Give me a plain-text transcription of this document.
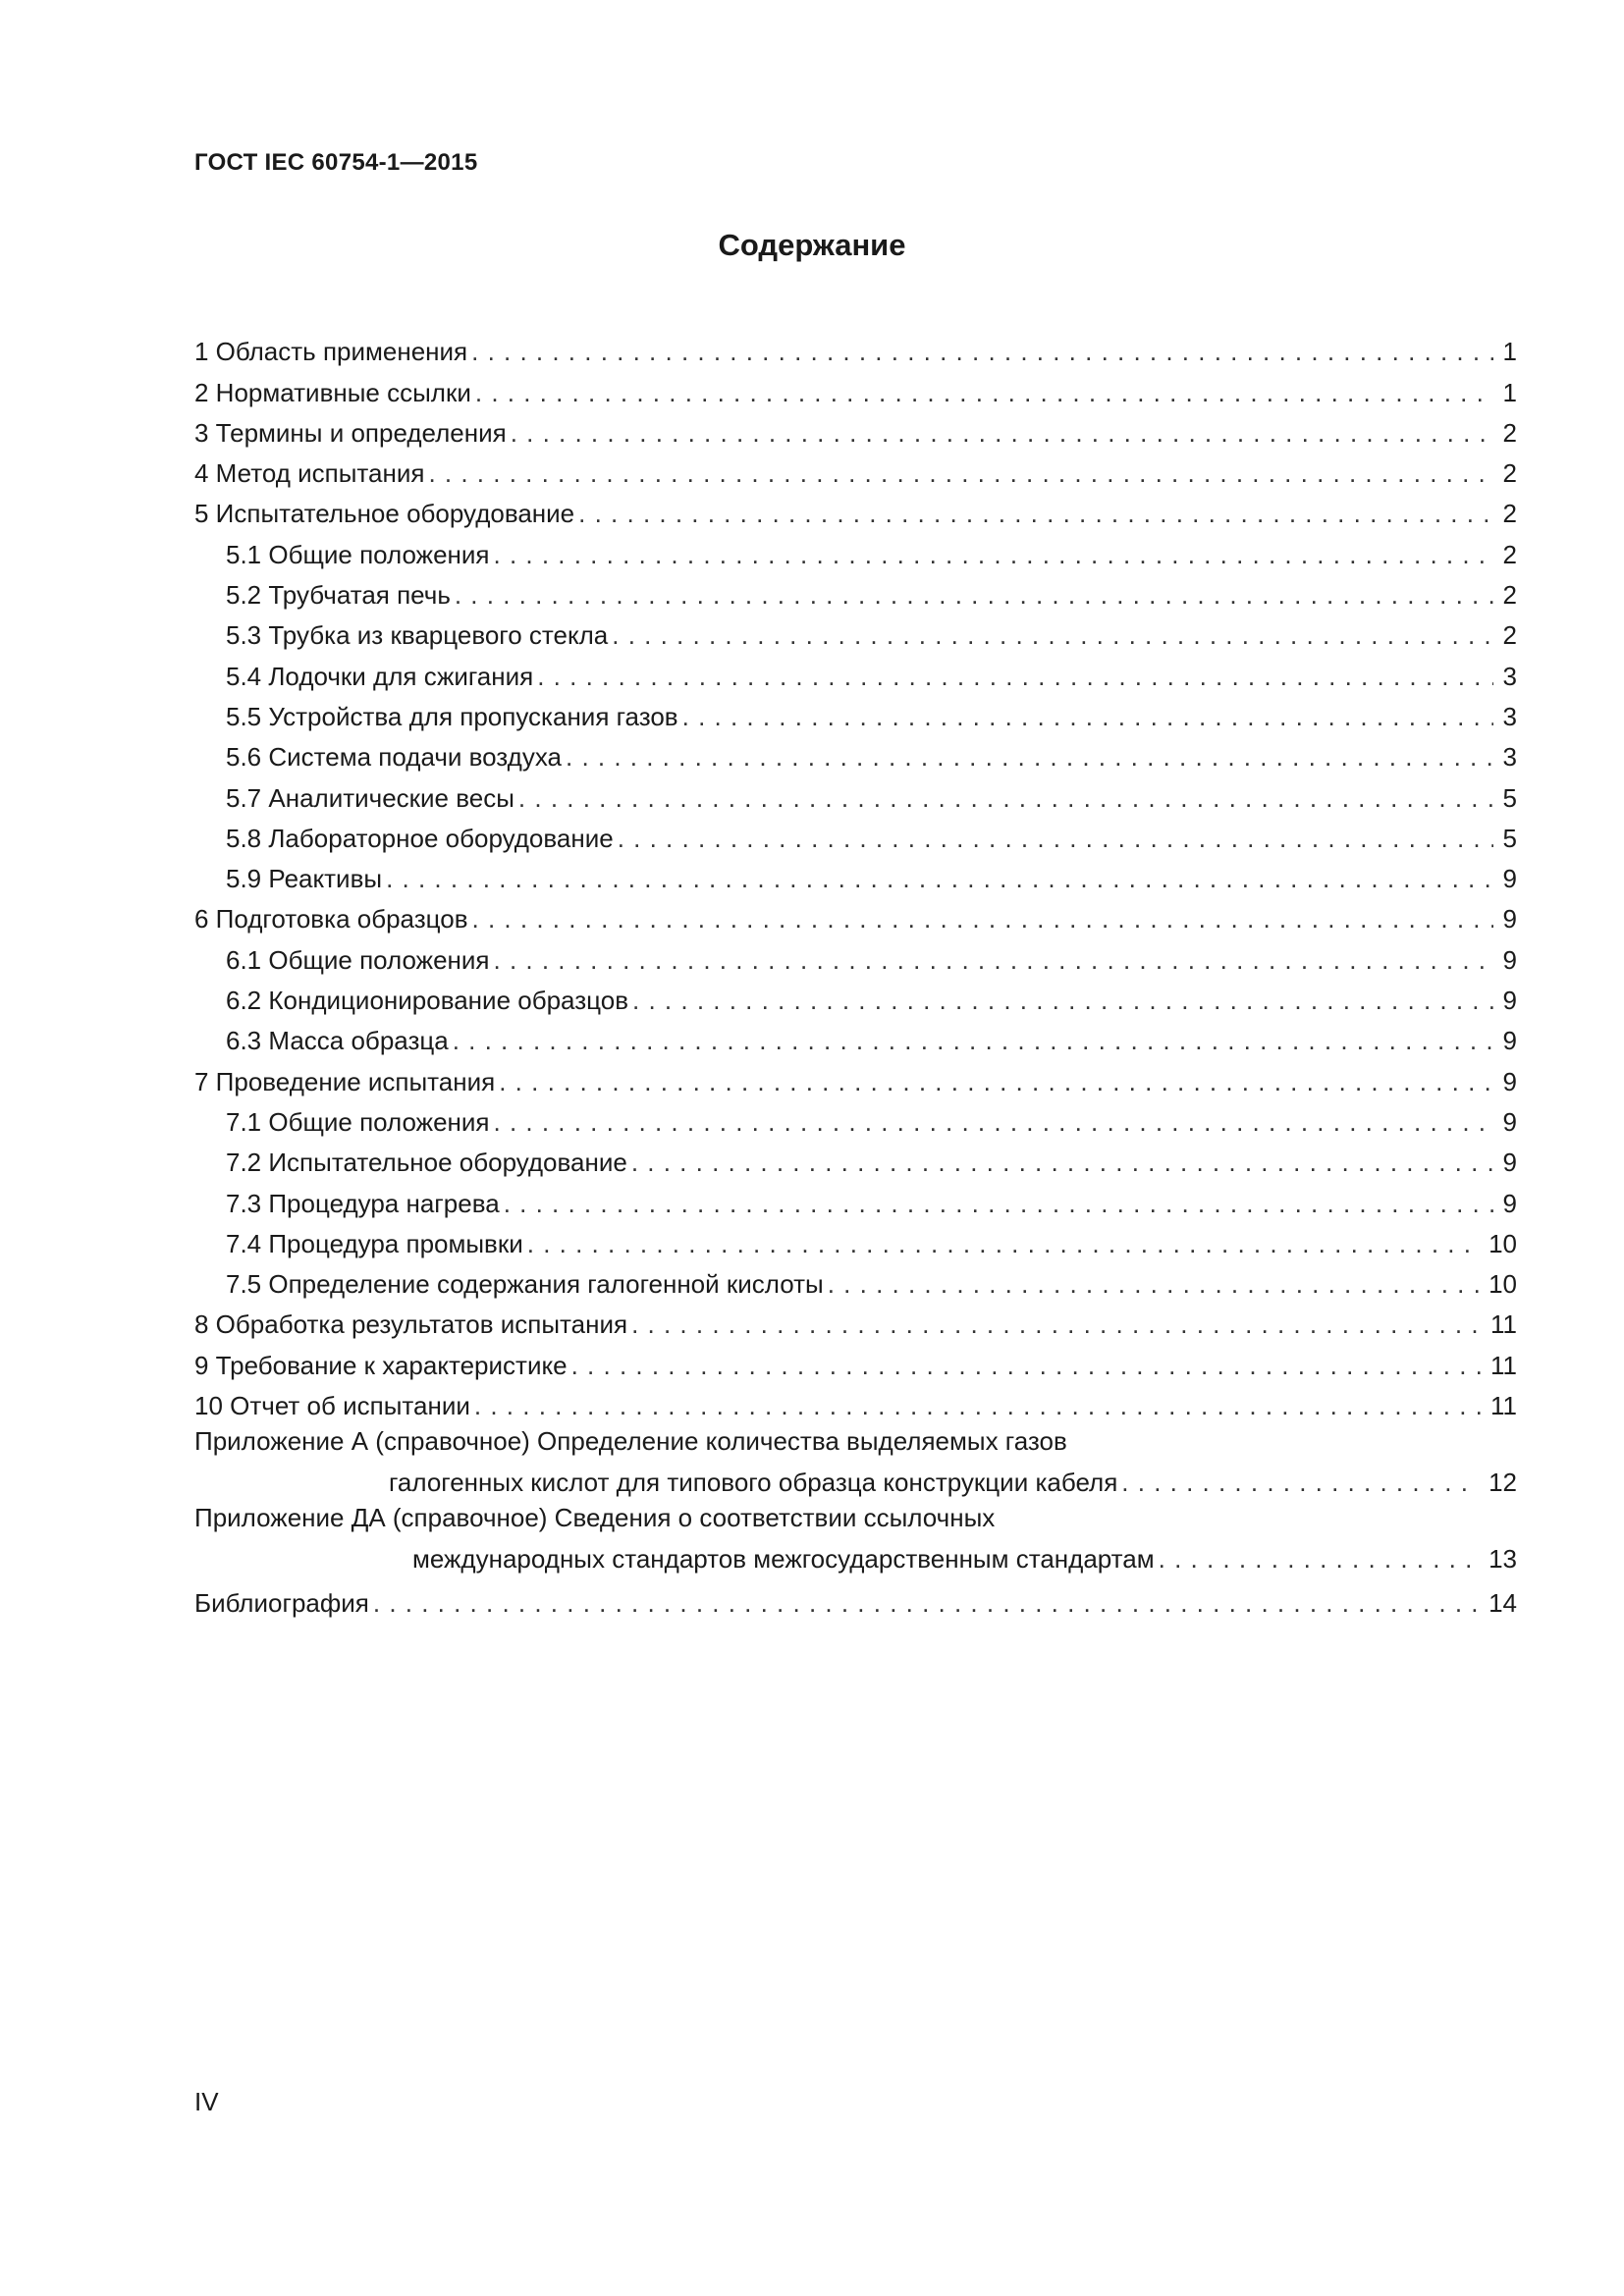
ГОСТ IEC 60754-1—2015
Содержание
1 Область применения . . .	1
2 Нормативные ссылки . . .	1
3 Термины и определения . . .	2
4 Метод испытания . . .	2
5 Испытательное оборудование . . .	2
5.1 Общие положения . . .	2
5.2 Трубчатая печь . . .	2
5.3 Трубка из кварцевого стекла . . .	2
5.4 Лодочки для сжигания . . .	3
5.5 Устройства для пропускания газов . . .	3
5.6 Система подачи воздуха . . .	3
5.7 Аналитические весы . . .	5
5.8 Лабораторное оборудование . . .	5
5.9 Реактивы . . .	9
6 Подготовка образцов . . .	9
6.1 Общие положения . . .	9
6.2 Кондиционирование образцов . . .	9
6.3 Масса образца . . .	9
7 Проведение испытания . . .	9
7.1 Общие положения . . .	9
7.2 Испытательное оборудование . . .	9
7.3 Процедура нагрева . . .	9
7.4 Процедура промывки . . .	10
7.5 Определение содержания галогенной кислоты . . .	10
8 Обработка результатов испытания . . .	11
9 Требование к характеристике . . .	11
10 Отчет об испытании . . .	11
Приложение А (справочное) Определение количества выделяемых газов
галогенных кислот для типового образца конструкции кабеля . . .	12
Приложение ДА (справочное) Сведения о соответствии ссылочных
международных стандартов межгосударственным стандартам . . .	13
Библиография . . .	14
IV
